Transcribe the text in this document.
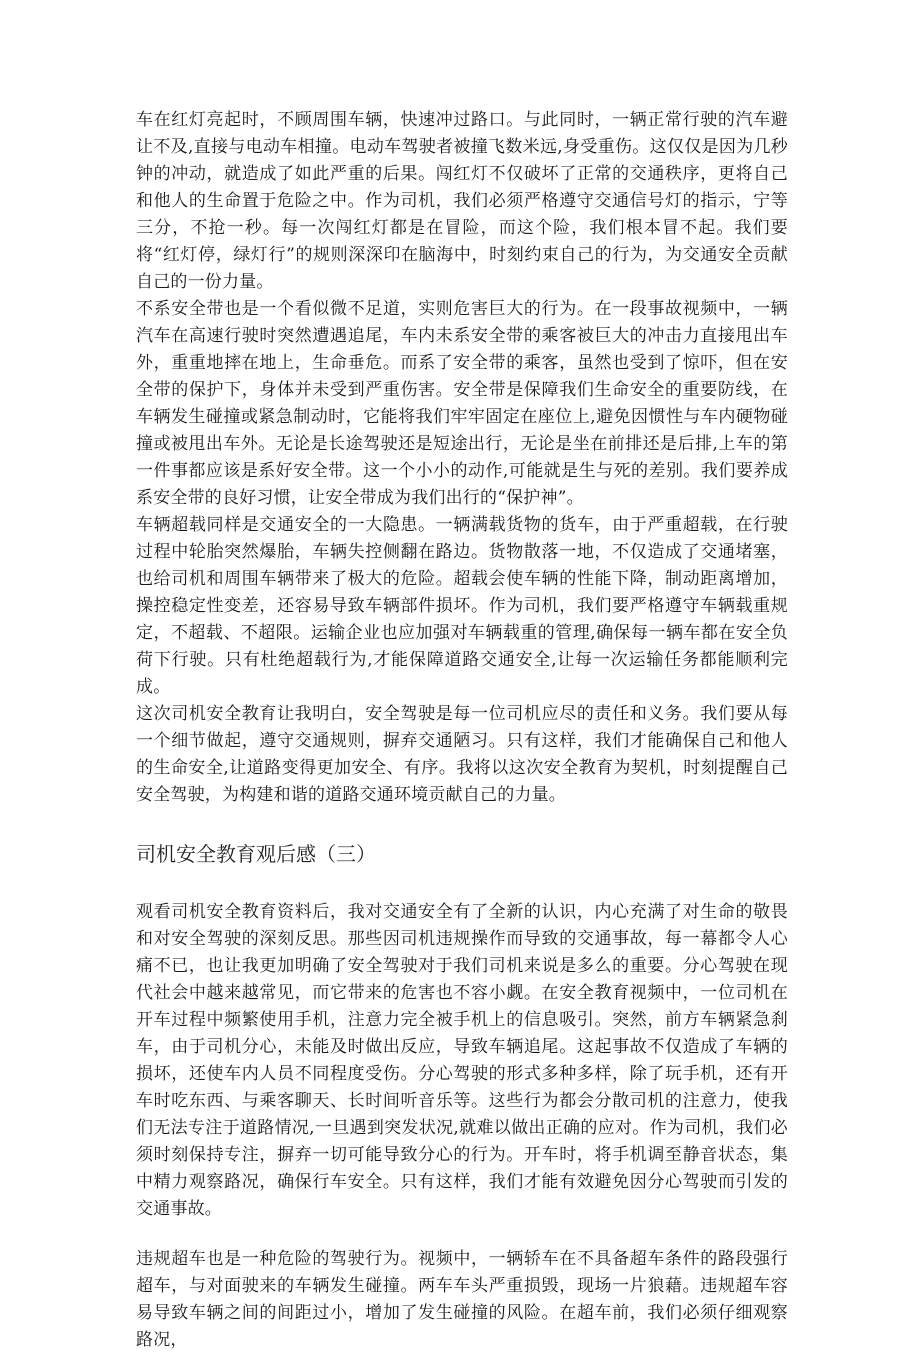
车在红灯亮起时，不顾周围车辆，快速冲过路口。与此同时，一辆正常行驶的汽车避让不及,直接与电动车相撞。电动车驾驶者被撞飞数米远,身受重伤。这仅仅是因为几秒钟的冲动，就造成了如此严重的后果。闯红灯不仅破坏了正常的交通秩序，更将自己和他人的生命置于危险之中。作为司机，我们必须严格遵守交通信号灯的指示，宁等三分，不抢一秒。每一次闯红灯都是在冒险，而这个险，我们根本冒不起。我们要将“红灯停，绿灯行”的规则深深印在脑海中，时刻约束自己的行为，为交通安全贡献自己的一份力量。

不系安全带也是一个看似微不足道，实则危害巨大的行为。在一段事故视频中，一辆汽车在高速行驶时突然遭遇追尾，车内未系安全带的乘客被巨大的冲击力直接甩出车外，重重地摔在地上，生命垂危。而系了安全带的乘客，虽然也受到了惊吓，但在安全带的保护下，身体并未受到严重伤害。安全带是保障我们生命安全的重要防线，在车辆发生碰撞或紧急制动时，它能将我们牢牢固定在座位上,避免因惯性与车内硬物碰撞或被甩出车外。无论是长途驾驶还是短途出行，无论是坐在前排还是后排,上车的第一件事都应该是系好安全带。这一个小小的动作,可能就是生与死的差别。我们要养成系安全带的良好习惯，让安全带成为我们出行的“保护神”。

车辆超载同样是交通安全的一大隐患。一辆满载货物的货车，由于严重超载，在行驶过程中轮胎突然爆胎，车辆失控侧翻在路边。货物散落一地，不仅造成了交通堵塞，也给司机和周围车辆带来了极大的危险。超载会使车辆的性能下降，制动距离增加，操控稳定性变差，还容易导致车辆部件损坏。作为司机，我们要严格遵守车辆载重规定，不超载、不超限。运输企业也应加强对车辆载重的管理,确保每一辆车都在安全负荷下行驶。只有杜绝超载行为,才能保障道路交通安全,让每一次运输任务都能顺利完成。

这次司机安全教育让我明白，安全驾驶是每一位司机应尽的责任和义务。我们要从每一个细节做起，遵守交通规则，摒弃交通陋习。只有这样，我们才能确保自己和他人的生命安全,让道路变得更加安全、有序。我将以这次安全教育为契机，时刻提醒自己安全驾驶，为构建和谐的道路交通环境贡献自己的力量。

司机安全教育观后感（三）

观看司机安全教育资料后，我对交通安全有了全新的认识，内心充满了对生命的敬畏和对安全驾驶的深刻反思。那些因司机违规操作而导致的交通事故，每一幕都令人心痛不已，也让我更加明确了安全驾驶对于我们司机来说是多么的重要。分心驾驶在现代社会中越来越常见，而它带来的危害也不容小觑。在安全教育视频中，一位司机在开车过程中频繁使用手机，注意力完全被手机上的信息吸引。突然，前方车辆紧急刹车，由于司机分心，未能及时做出反应，导致车辆追尾。这起事故不仅造成了车辆的损坏，还使车内人员不同程度受伤。分心驾驶的形式多种多样，除了玩手机，还有开车时吃东西、与乘客聊天、长时间听音乐等。这些行为都会分散司机的注意力，使我们无法专注于道路情况,一旦遇到突发状况,就难以做出正确的应对。作为司机，我们必须时刻保持专注，摒弃一切可能导致分心的行为。开车时，将手机调至静音状态，集中精力观察路况，确保行车安全。只有这样，我们才能有效避免因分心驾驶而引发的交通事故。

违规超车也是一种危险的驾驶行为。视频中，一辆轿车在不具备超车条件的路段强行超车，与对面驶来的车辆发生碰撞。两车车头严重损毁，现场一片狼藉。违规超车容易导致车辆之间的间距过小，增加了发生碰撞的风险。在超车前，我们必须仔细观察路况，
